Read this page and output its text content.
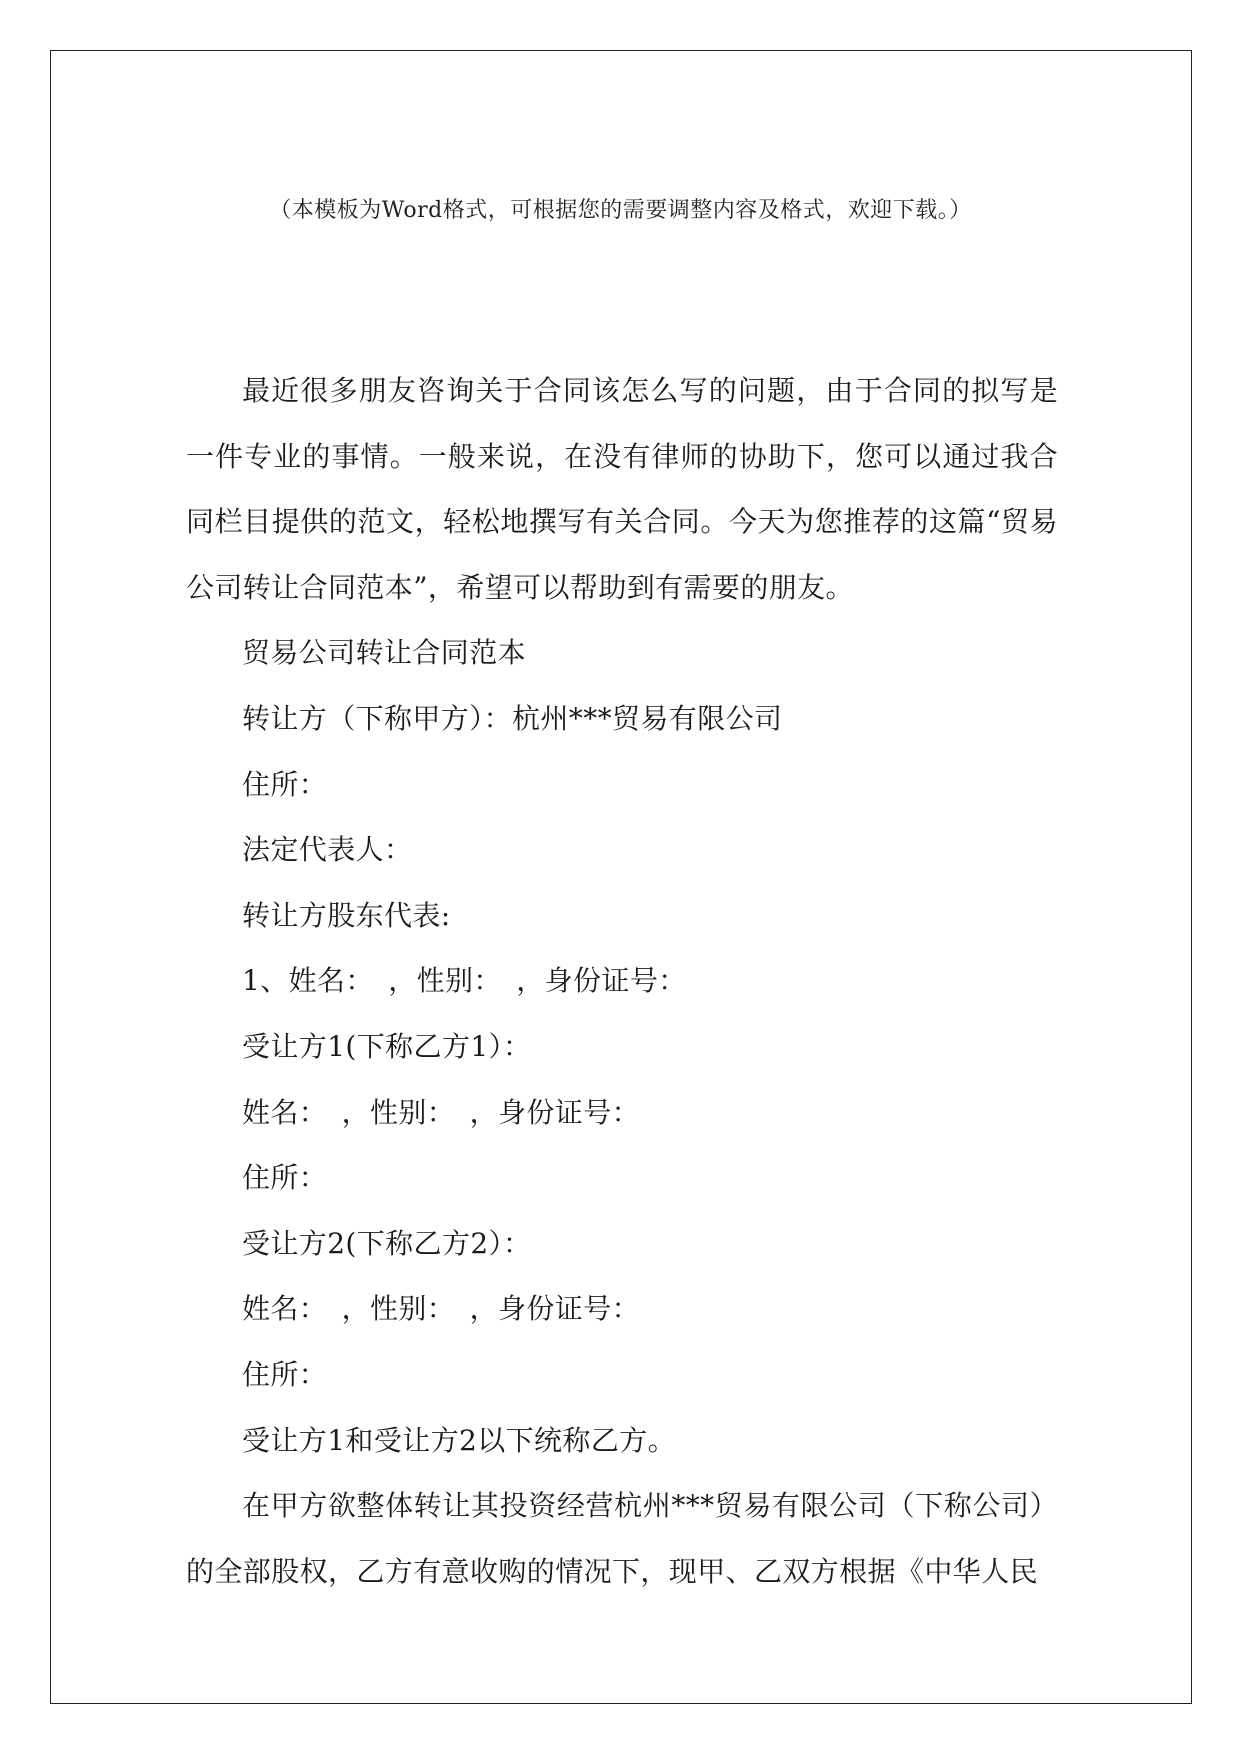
（本模板为Word格式，可根据您的需要调整内容及格式，欢迎下载。）

最近很多朋友咨询关于合同该怎么写的问题，由于合同的拟写是一件专业的事情。一般来说，在没有律师的协助下，您可以通过我合同栏目提供的范文，轻松地撰写有关合同。今天为您推荐的这篇“贸易公司转让合同范本”，希望可以帮助到有需要的朋友。

贸易公司转让合同范本

转让方（下称甲方）：杭州***贸易有限公司

住所：

法定代表人：

转让方股东代表:

1、姓名：　，性别：　，身份证号：

受让方1(下称乙方1）：

姓名：　，性别：　，身份证号：

住所：

受让方2(下称乙方2）：

姓名：　，性别：　，身份证号：

住所：

受让方1和受让方2以下统称乙方。

在甲方欲整体转让其投资经营杭州***贸易有限公司（下称公司）的全部股权，乙方有意收购的情况下，现甲、乙双方根据《中华人民
